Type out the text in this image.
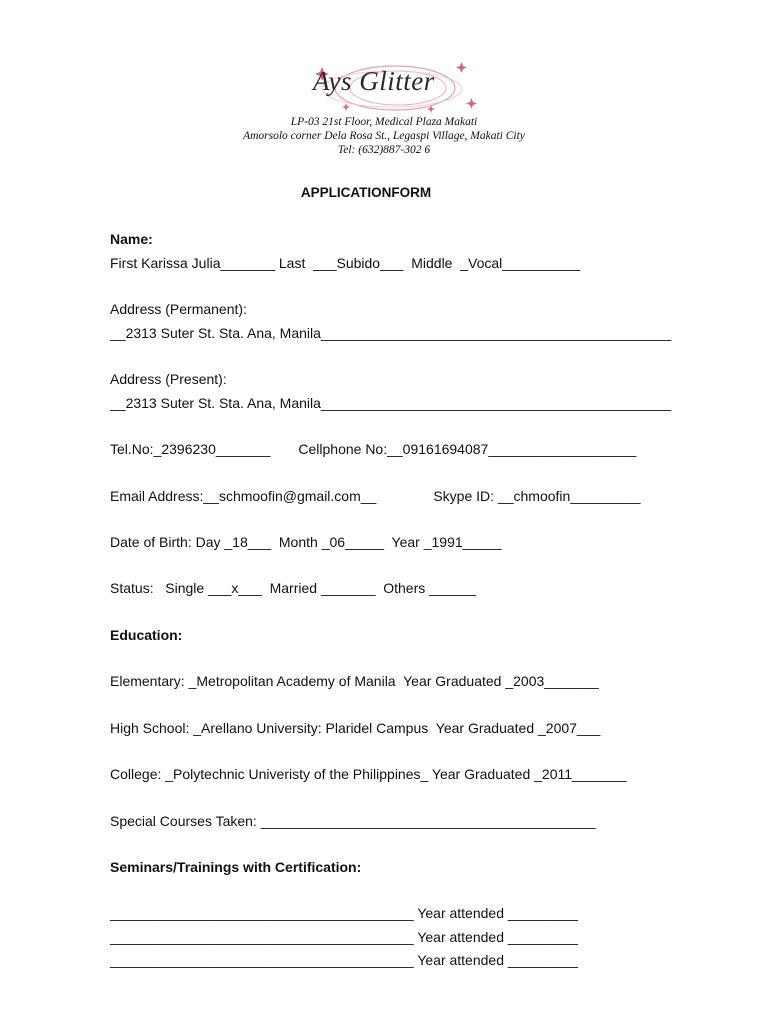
Ays Glitter
LP-03 21st Floor, Medical Plaza Makati
Amorsolo corner Dela Rosa St., Legaspi Village, Makati City
Tel: (632)887-302 6
APPLICATIONFORM
Name:
First Karissa Julia_______ Last ___Subido___ Middle  _Vocal__________
Address (Permanent):
__2313 Suter St. Sta. Ana, Manila_____________________________________________
Address (Present):
__2313 Suter St. Sta. Ana, Manila_____________________________________________
Tel.No:_2396230_______ Cellphone No:__09161694087___________________
Email Address:__schmoofin@gmail.com__	Skype ID: __chmoofin_________
Date of Birth: Day _18___ Month _06_____ Year _1991_____
Status: Single ___x___ Married _______ Others ______
Education:
Elementary: _Metropolitan Academy of Manila  Year Graduated _2003_______
High School: _Arellano University: Plaridel Campus  Year Graduated _2007___
College: _Polytechnic Univeristy of the Philippines_ Year Graduated _2011_______
Special Courses Taken: ___________________________________________
Seminars/Trainings with Certification:
_______________________________________ Year attended _________
_______________________________________ Year attended _________
_______________________________________ Year attended _________
